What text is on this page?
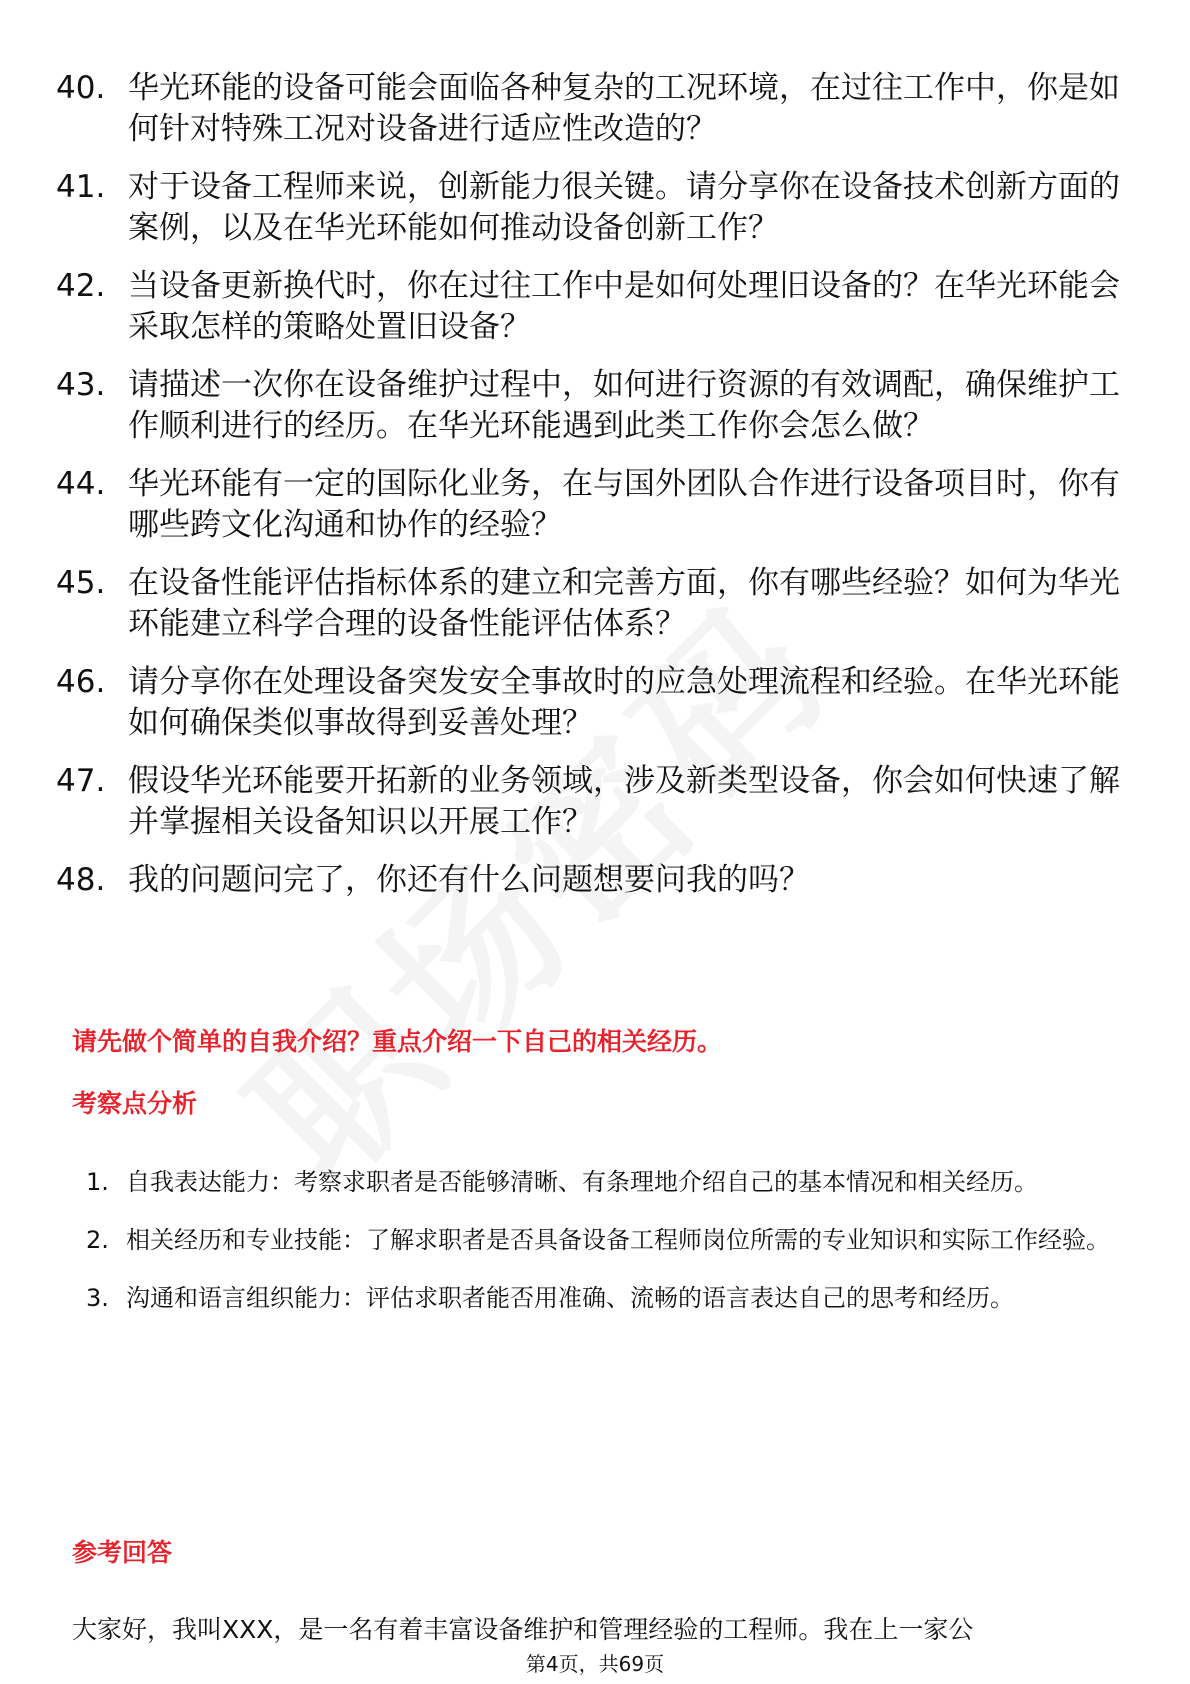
40. 华光环能的设备可能会面临各种复杂的工况环境，在过往工作中，你是如何针对特殊工况对设备进行适应性改造的？
41. 对于设备工程师来说，创新能力很关键。请分享你在设备技术创新方面的案例，以及在华光环能如何推动设备创新工作？
42. 当设备更新换代时，你在过往工作中是如何处理旧设备的？在华光环能会采取怎样的策略处置旧设备？
43. 请描述一次你在设备维护过程中，如何进行资源的有效调配，确保维护工作顺利进行的经历。在华光环能遇到此类工作你会怎么做？
44. 华光环能有一定的国际化业务，在与国外团队合作进行设备项目时，你有哪些跨文化沟通和协作的经验？
45. 在设备性能评估指标体系的建立和完善方面，你有哪些经验？如何为华光环能建立科学合理的设备性能评估体系？
46. 请分享你在处理设备突发安全事故时的应急处理流程和经验。在华光环能如何确保类似事故得到妥善处理？
47. 假设华光环能要开拓新的业务领域，涉及新类型设备，你会如何快速了解并掌握相关设备知识以开展工作？
48. 我的问题问完了，你还有什么问题想要问我的吗？
请先做个简单的自我介绍？重点介绍一下自己的相关经历。
考察点分析
1. 自我表达能力：考察求职者是否能够清晰、有条理地介绍自己的基本情况和相关经历。
2. 相关经历和专业技能：了解求职者是否具备设备工程师岗位所需的专业知识和实际工作经验。
3. 沟通和语言组织能力：评估求职者能否用准确、流畅的语言表达自己的思考和经历。
参考回答
大家好，我叫XXX，是一名有着丰富设备维护和管理经验的工程师。我在上一家公
第4页，共69页
